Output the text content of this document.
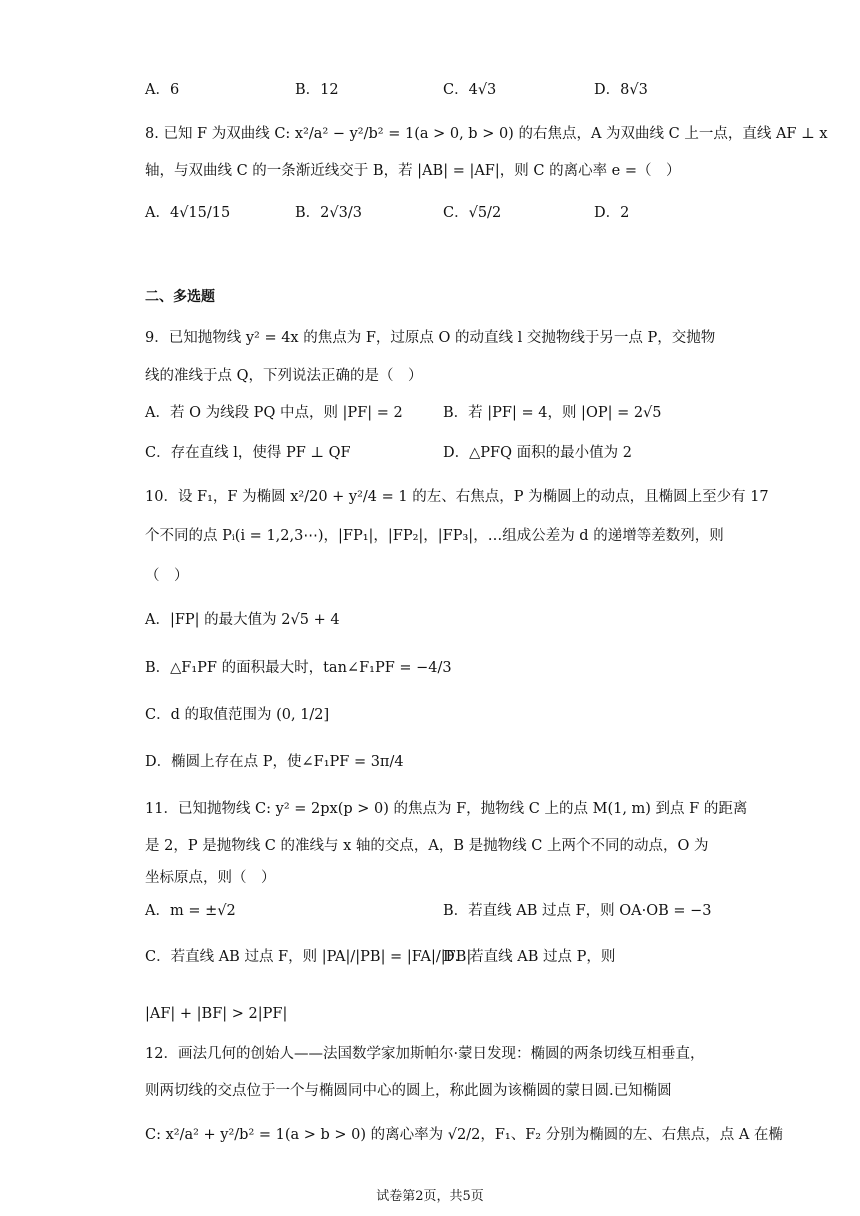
A．6	B．12	C．4√3	D．8√3
8. 已知 F 为双曲线 C: x²/a² − y²/b² = 1(a > 0, b > 0) 的右焦点，A 为双曲线 C 上一点，直线 AF ⊥ x
轴，与双曲线 C 的一条渐近线交于 B，若 |AB| = |AF|，则 C 的离心率 e =（　）
A．4√15/15	B．2√3/3	C．√5/2	D．2
二、多选题
9．已知抛物线 y² = 4x 的焦点为 F，过原点 O 的动直线 l 交抛物线于另一点 P，交抛物
线的准线于点 Q，下列说法正确的是（　）
A．若 O 为线段 PQ 中点，则 |PF| = 2	B．若 |PF| = 4，则 |OP| = 2√5
C．存在直线 l，使得 PF ⊥ QF	D．△PFQ 面积的最小值为 2
10．设 F₁，F 为椭圆 x²/20 + y²/4 = 1 的左、右焦点，P 为椭圆上的动点，且椭圆上至少有 17
个不同的点 Pᵢ(i = 1,2,3⋯)，|FP₁|，|FP₂|，|FP₃|，…组成公差为 d 的递增等差数列，则
（　）
A．|FP| 的最大值为 2√5 + 4
B．△F₁PF 的面积最大时，tan∠F₁PF = −4/3
C．d 的取值范围为 (0, 1/2]
D．椭圆上存在点 P，使∠F₁PF = 3π/4
11．已知抛物线 C: y² = 2px(p > 0) 的焦点为 F，抛物线 C 上的点 M(1, m) 到点 F 的距离
是 2，P 是抛物线 C 的准线与 x 轴的交点，A，B 是抛物线 C 上两个不同的动点，O 为
坐标原点，则（　）
A．m = ±√2	B．若直线 AB 过点 F，则 OA·OB = −3
C．若直线 AB 过点 F，则 |PA|/|PB| = |FA|/|FB|
D．若直线 AB 过点 P，则
|AF| + |BF| > 2|PF|
12．画法几何的创始人——法国数学家加斯帕尔·蒙日发现：椭圆的两条切线互相垂直，
则两切线的交点位于一个与椭圆同中心的圆上，称此圆为该椭圆的蒙日圆.已知椭圆
C: x²/a² + y²/b² = 1(a > b > 0) 的离心率为 √2/2，F₁、F₂ 分别为椭圆的左、右焦点，点 A 在椭
试卷第2页，共5页
